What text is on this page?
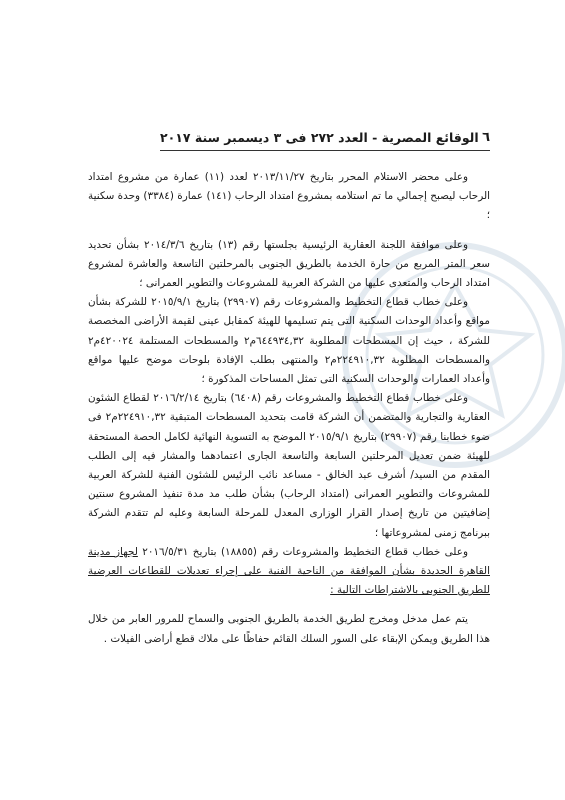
٦
الوقائع المصرية - العدد ٢٧٢ فى ٣ ديسمبر سنة ٢٠١٧

وعلى محضر الاستلام المحرر بتاريخ ٢٠١٣/١١/٢٧ لعدد (١١) عمارة من مشروع امتداد الرحاب ليصبح إجمالي ما تم استلامه بمشروع امتداد الرحاب (١٤١) عمارة (٣٣٨٤) وحدة سكنية ؛

وعلى موافقة اللجنة العقارية الرئيسية بجلستها رقم (١٣) بتاريخ ٢٠١٤/٣/٦ بشأن تحديد سعر المتر المربع من حارة الخدمة بالطريق الجنوبى بالمرحلتين التاسعة والعاشرة لمشروع امتداد الرحاب والمتعدى عليها من الشركة العربية للمشروعات والتطوير العمرانى ؛

وعلى خطاب قطاع التخطيط والمشروعات رقم (٢٩٩٠٧) بتاريخ ٢٠١٥/٩/١ للشركة بشأن مواقع وأعداد الوحدات السكنية التى يتم تسليمها للهيئة كمقابل عينى لقيمة الأراضى المخصصة للشركة ، حيث إن المسطحات المطلوبة ٦٤٤٩٣٤,٣٢م٢ والمسطحات المستلمة ٤٢٠٠٢٤م٢ والمسطحات المطلوبة ٢٢٤٩١٠,٣٢م٢ والمنتهى بطلب الإفادة بلوحات موضح عليها مواقع وأعداد العمارات والوحدات السكنية التى تمثل المساحات المذكورة ؛

وعلى خطاب قطاع التخطيط والمشروعات رقم (٦٤٠٨) بتاريخ ٢٠١٦/٢/١٤ لقطاع الشئون العقارية والتجارية والمتضمن أن الشركة قامت بتحديد المسطحات المتبقية ٢٢٤٩١٠,٣٢م٢ فى ضوء خطابنا رقم (٢٩٩٠٧) بتاريخ ٢٠١٥/٩/١ الموضح به التسوية النهائية لكامل الحصة المستحقة للهيئة ضمن تعديل المرحلتين السابعة والتاسعة الجارى اعتمادهما والمشار فيه إلى الطلب المقدم من السيد/ أشرف عبد الخالق - مساعد نائب الرئيس للشئون الفنية للشركة العربية للمشروعات والتطوير العمرانى (امتداد الرحاب) بشأن طلب مد مدة تنفيذ المشروع سنتين إضافيتين من تاريخ إصدار القرار الوزارى المعدل للمرحلة السابعة وعليه لم تتقدم الشركة ببرنامج زمنى لمشروعاتها ؛

وعلى خطاب قطاع التخطيط والمشروعات رقم (١٨٨٥٥) بتاريخ ٢٠١٦/٥/٣١ لجهاز مدينة القاهرة الجديدة بشأن الموافقة من الناحية الفنية على إجراء تعديلات للقطاعات العرضية للطريق الجنوبى بالاشتراطات التالية :

يتم عمل مدخل ومخرج لطريق الخدمة بالطريق الجنوبى والسماح للمرور العابر من خلال هذا الطريق ويمكن الإبقاء على السور السلك القائم حفاظًا على ملاك قطع أراضى الفيلات .
